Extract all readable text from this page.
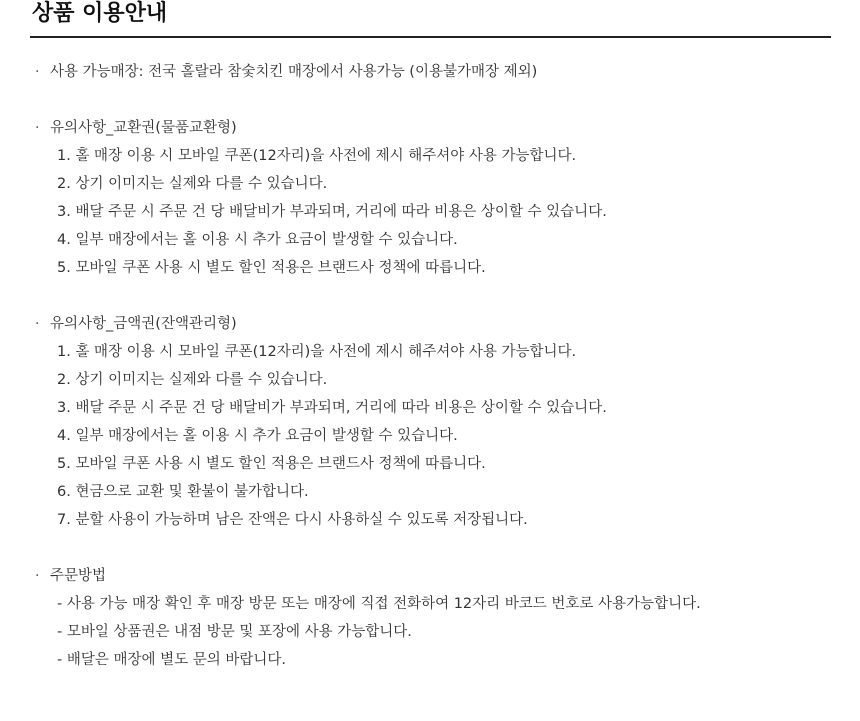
상품 이용안내
· 사용 가능매장: 전국 홀랄라 참숯치킨 매장에서 사용가능 (이용불가매장 제외)
· 유의사항_교환권(물품교환형)
1. 홀 매장 이용 시 모바일 쿠폰(12자리)을 사전에 제시 해주셔야 사용 가능합니다.
2. 상기 이미지는 실제와 다를 수 있습니다.
3. 배달 주문 시 주문 건 당 배달비가 부과되며, 거리에 따라 비용은 상이할 수 있습니다.
4. 일부 매장에서는 홀 이용 시 추가 요금이 발생할 수 있습니다.
5. 모바일 쿠폰 사용 시 별도 할인 적용은 브랜드사 정책에 따릅니다.
· 유의사항_금액권(잔액관리형)
1. 홀 매장 이용 시 모바일 쿠폰(12자리)을 사전에 제시 해주셔야 사용 가능합니다.
2. 상기 이미지는 실제와 다를 수 있습니다.
3. 배달 주문 시 주문 건 당 배달비가 부과되며, 거리에 따라 비용은 상이할 수 있습니다.
4. 일부 매장에서는 홀 이용 시 추가 요금이 발생할 수 있습니다.
5. 모바일 쿠폰 사용 시 별도 할인 적용은 브랜드사 정책에 따릅니다.
6. 현금으로 교환 및 환불이 불가합니다.
7. 분할 사용이 가능하며 남은 잔액은 다시 사용하실 수 있도록 저장됩니다.
· 주문방법
- 사용 가능 매장 확인 후 매장 방문 또는 매장에 직접 전화하여 12자리 바코드 번호로 사용가능합니다.
- 모바일 상품권은 내점 방문 및 포장에 사용 가능합니다.
- 배달은 매장에 별도 문의 바랍니다.
